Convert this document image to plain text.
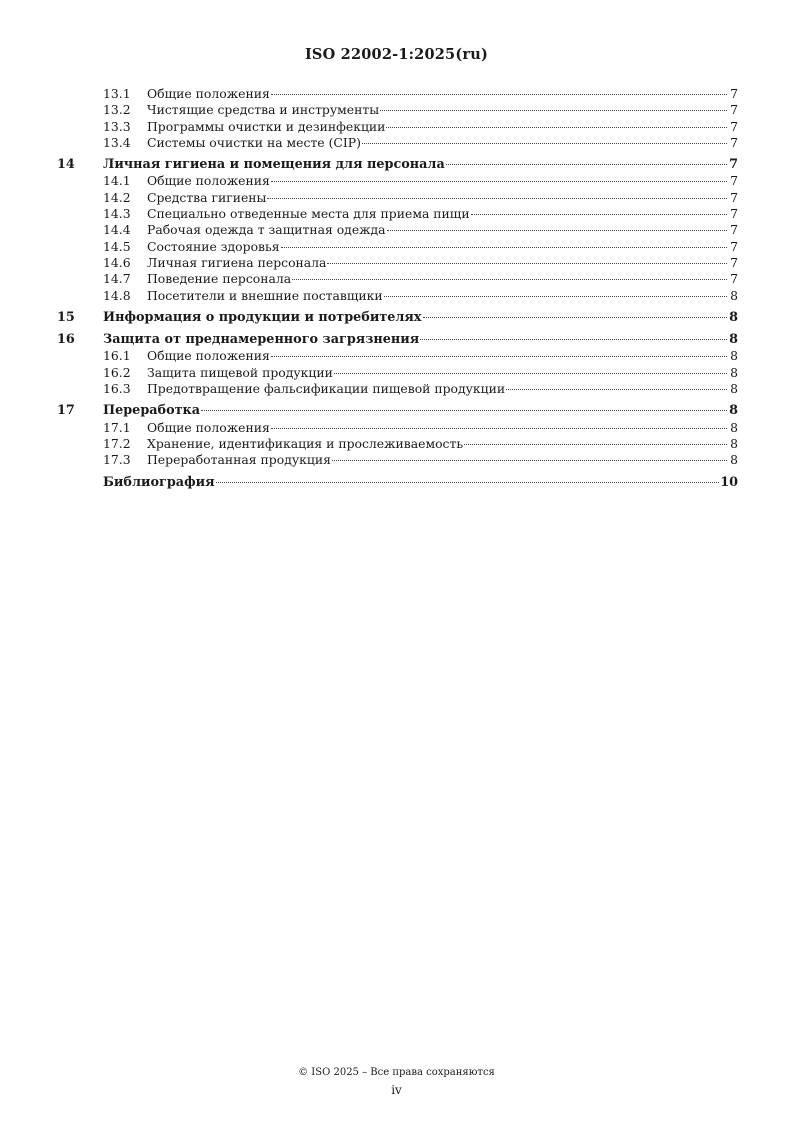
ISO 22002-1:2025(ru)
13.1	Общие положения	7
13.2	Чистящие средства и инструменты	7
13.3	Программы очистки и дезинфекции	7
13.4	Системы очистки на месте (CIP)	7
14	Личная гигиена и помещения для персонала	7
14.1	Общие положения	7
14.2	Средства гигиены	7
14.3	Специально отведенные места для приема пищи	7
14.4	Рабочая одежда т защитная одежда	7
14.5	Состояние здоровья	7
14.6	Личная гигиена персонала	7
14.7	Поведение персонала	7
14.8	Посетители и внешние поставщики	8
15	Информация о продукции и потребителях	8
16	Защита от преднамеренного загрязнения	8
16.1	Общие положения	8
16.2	Защита пищевой продукции	8
16.3	Предотвращение фальсификации пищевой продукции	8
17	Переработка	8
17.1	Общие положения	8
17.2	Хранение, идентификация и прослеживаемость	8
17.3	Переработанная продукция	8
Библиография	10
© ISO 2025 – Все права сохраняются
iv
